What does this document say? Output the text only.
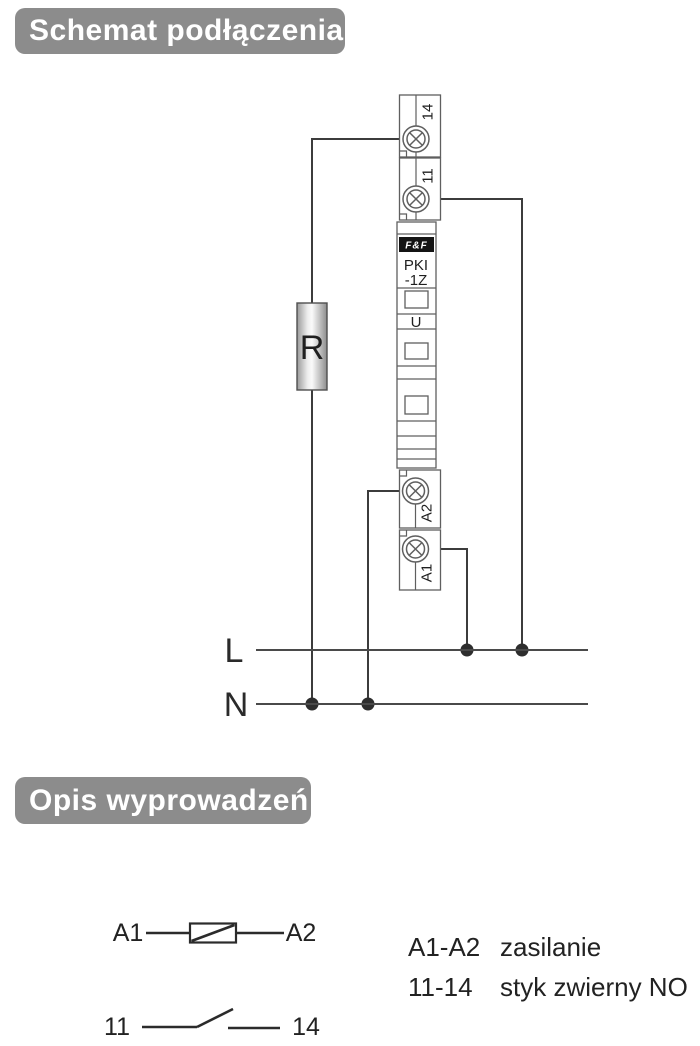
Schemat podłączenia
L
N
R
14
11
F&F
PKI
-1Z
U
A2
A1
Opis wyprowadzeń
A1	A2
11	14
A1-A2 zasilanie
11-14	styk zwierny NO
